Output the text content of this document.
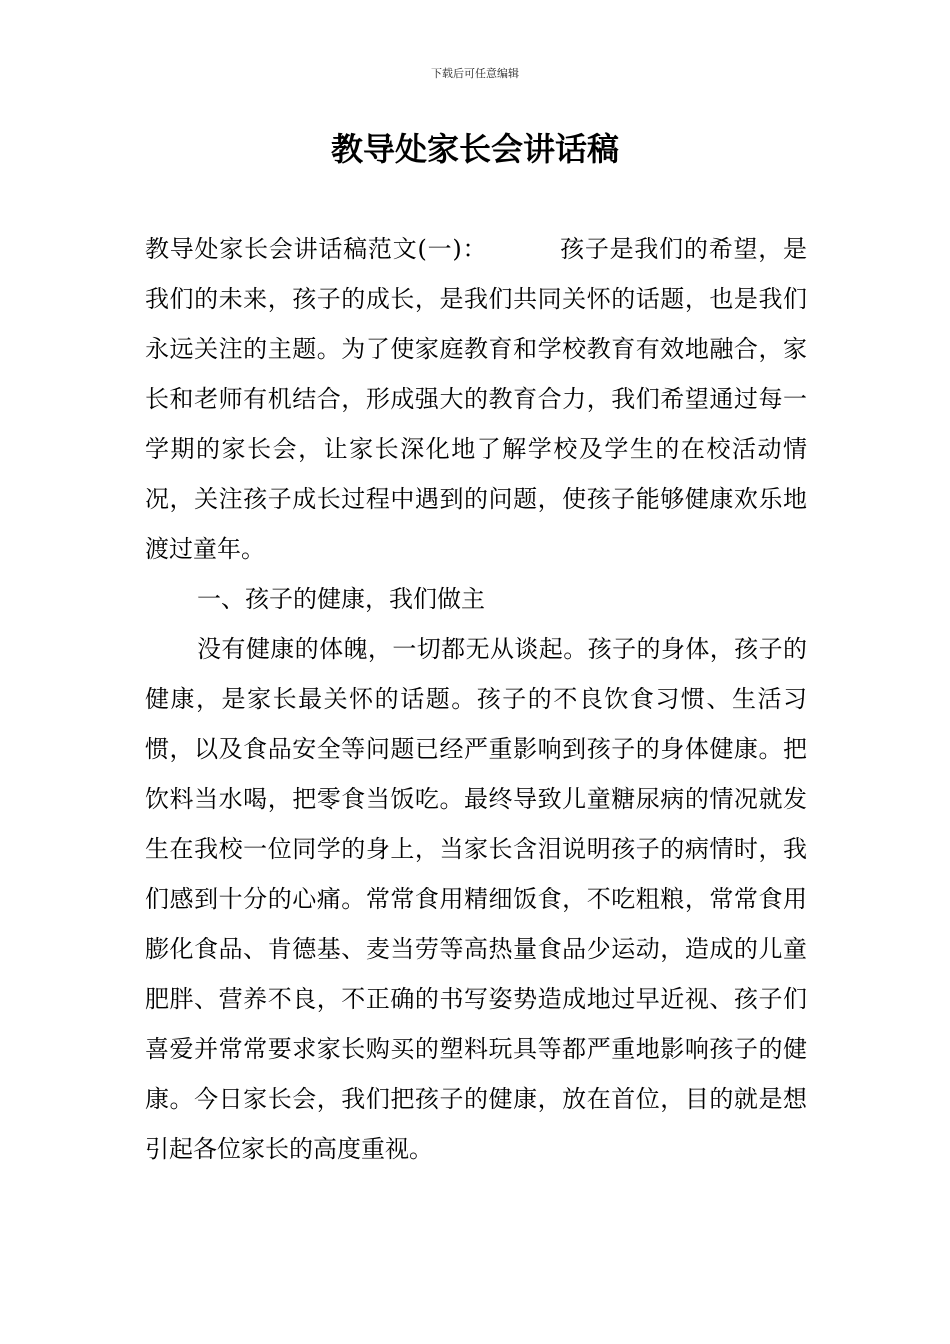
下载后可任意编辑
教导处家长会讲话稿

教导处家长会讲话稿范文(一)：	孩子是我们的希望，是我们的未来，孩子的成长，是我们共同关怀的话题，也是我们永远关注的主题。为了使家庭教育和学校教育有效地融合，家长和老师有机结合，形成强大的教育合力，我们希望通过每一学期的家长会，让家长深化地了解学校及学生的在校活动情况，关注孩子成长过程中遇到的问题，使孩子能够健康欢乐地渡过童年。

一、孩子的健康，我们做主

没有健康的体魄，一切都无从谈起。孩子的身体，孩子的健康，是家长最关怀的话题。孩子的不良饮食习惯、生活习惯，以及食品安全等问题已经严重影响到孩子的身体健康。把饮料当水喝，把零食当饭吃。最终导致儿童糖尿病的情况就发生在我校一位同学的身上，当家长含泪说明孩子的病情时，我们感到十分的心痛。常常食用精细饭食，不吃粗粮，常常食用膨化食品、肯德基、麦当劳等高热量食品少运动，造成的儿童肥胖、营养不良，不正确的书写姿势造成地过早近视、孩子们喜爱并常常要求家长购买的塑料玩具等都严重地影响孩子的健康。今日家长会，我们把孩子的健康，放在首位，目的就是想引起各位家长的高度重视。
